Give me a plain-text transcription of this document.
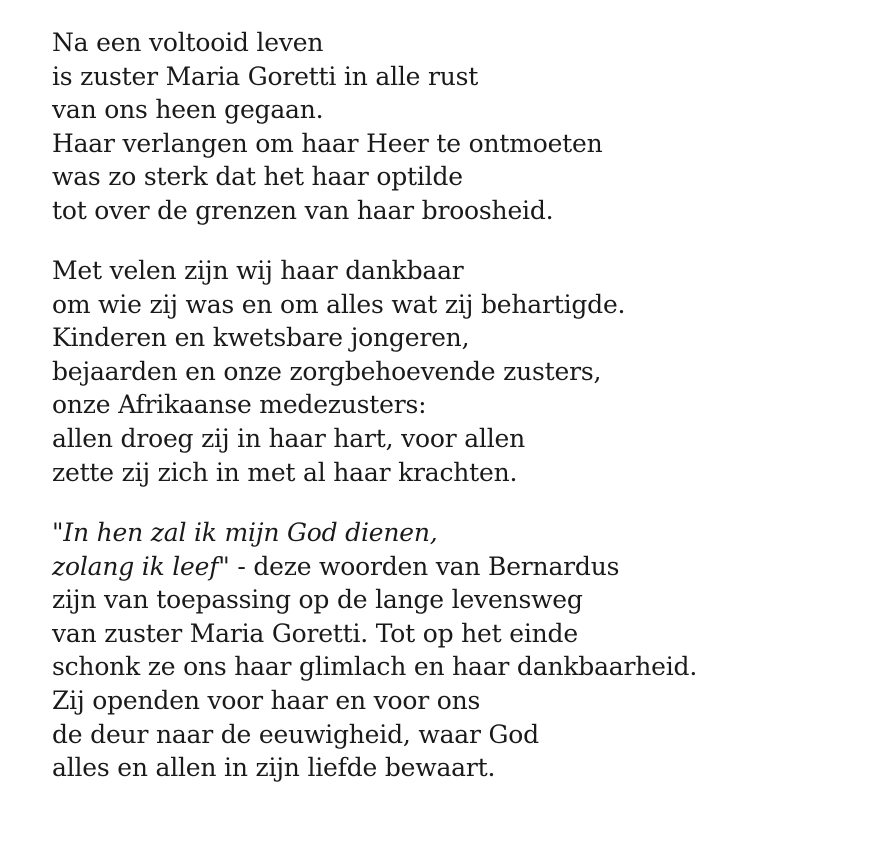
Na een voltooid leven
is zuster Maria Goretti in alle rust
van ons heen gegaan.
Haar verlangen om haar Heer te ontmoeten
was zo sterk dat het haar optilde
tot over de grenzen van haar broosheid.

Met velen zijn wij haar dankbaar
om wie zij was en om alles wat zij behartigde.
Kinderen en kwetsbare jongeren,
bejaarden en onze zorgbehoevende zusters,
onze Afrikaanse medezusters:
allen droeg zij in haar hart, voor allen
zette zij zich in met al haar krachten.

"In hen zal ik mijn God dienen,
zolang ik leef" - deze woorden van Bernardus
zijn van toepassing op de lange levensweg
van zuster Maria Goretti. Tot op het einde
schonk ze ons haar glimlach en haar dankbaarheid.
Zij openden voor haar en voor ons
de deur naar de eeuwigheid, waar God
alles en allen in zijn liefde bewaart.
